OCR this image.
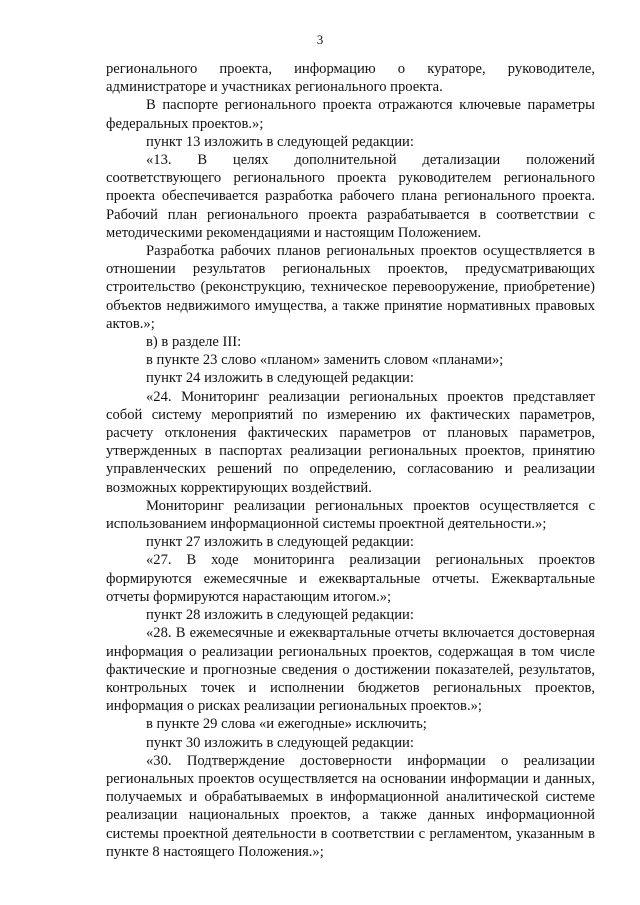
3

регионального проекта, информацию о кураторе, руководителе, администраторе и участниках регионального проекта.

В паспорте регионального проекта отражаются ключевые параметры федеральных проектов.»;

пункт 13 изложить в следующей редакции:

«13. В целях дополнительной детализации положений соответствующего регионального проекта руководителем регионального проекта обеспечивается разработка рабочего плана регионального проекта. Рабочий план регионального проекта разрабатывается в соответствии с методическими рекомендациями и настоящим Положением.

Разработка рабочих планов региональных проектов осуществляется в отношении результатов региональных проектов, предусматривающих строительство (реконструкцию, техническое перевооружение, приобретение) объектов недвижимого имущества, а также принятие нормативных правовых актов.»;

в) в разделе III:

в пункте 23 слово «планом» заменить словом «планами»;

пункт 24 изложить в следующей редакции:

«24. Мониторинг реализации региональных проектов представляет собой систему мероприятий по измерению их фактических параметров, расчету отклонения фактических параметров от плановых параметров, утвержденных в паспортах реализации региональных проектов, принятию управленческих решений по определению, согласованию и реализации возможных корректирующих воздействий.

Мониторинг реализации региональных проектов осуществляется с использованием информационной системы проектной деятельности.»;

пункт 27 изложить в следующей редакции:

«27. В ходе мониторинга реализации региональных проектов формируются ежемесячные и ежеквартальные отчеты. Ежеквартальные отчеты формируются нарастающим итогом.»;

пункт 28 изложить в следующей редакции:

«28. В ежемесячные и ежеквартальные отчеты включается достоверная информация о реализации региональных проектов, содержащая в том числе фактические и прогнозные сведения о достижении показателей, результатов, контрольных точек и исполнении бюджетов региональных проектов, информация о рисках реализации региональных проектов.»;

в пункте 29 слова «и ежегодные» исключить;

пункт 30 изложить в следующей редакции:

«30. Подтверждение достоверности информации о реализации региональных проектов осуществляется на основании информации и данных, получаемых и обрабатываемых в информационной аналитической системе реализации национальных проектов, а также данных информационной системы проектной деятельности в соответствии с регламентом, указанным в пункте 8 настоящего Положения.»;
